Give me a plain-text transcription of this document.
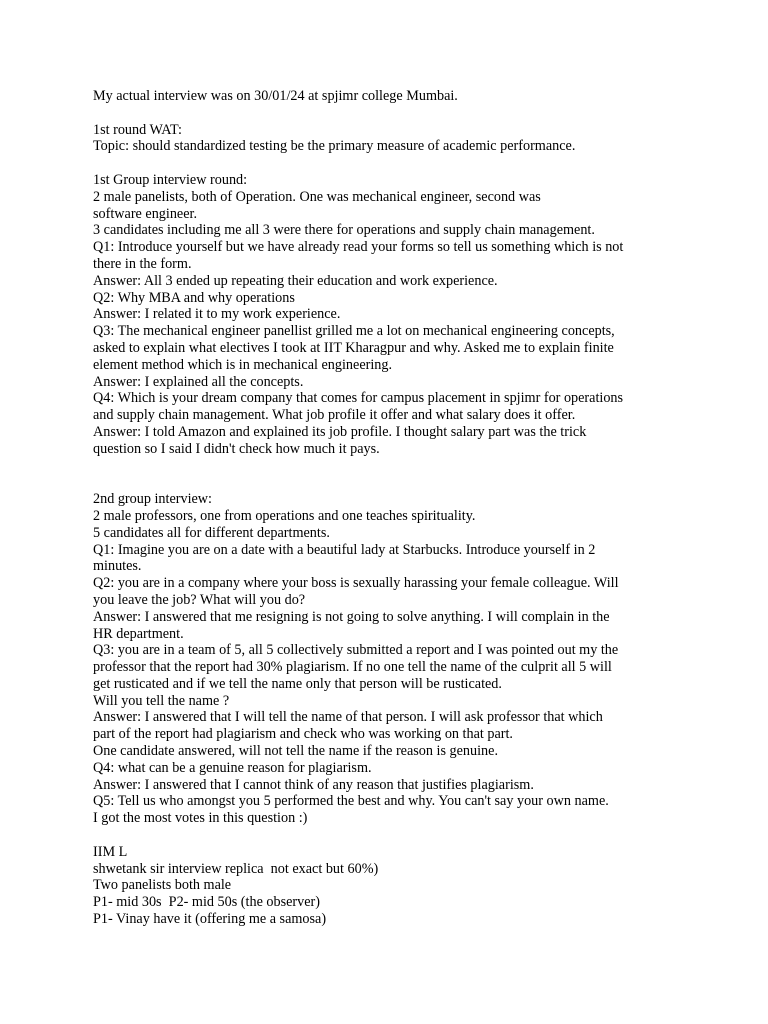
My actual interview was on 30/01/24 at spjimr college Mumbai.
1st round WAT:
Topic: should standardized testing be the primary measure of academic performance.
1st Group interview round:
2 male panelists, both of Operation. One was mechanical engineer, second was
software engineer.
3 candidates including me all 3 were there for operations and supply chain management.
Q1: Introduce yourself but we have already read your forms so tell us something which is not
there in the form.
Answer: All 3 ended up repeating their education and work experience.
Q2: Why MBA and why operations
Answer: I related it to my work experience.
Q3: The mechanical engineer panellist grilled me a lot on mechanical engineering concepts,
asked to explain what electives I took at IIT Kharagpur and why. Asked me to explain finite
element method which is in mechanical engineering.
Answer: I explained all the concepts.
Q4: Which is your dream company that comes for campus placement in spjimr for operations
and supply chain management. What job profile it offer and what salary does it offer.
Answer: I told Amazon and explained its job profile. I thought salary part was the trick
question so I said I didn't check how much it pays.
2nd group interview:
2 male professors, one from operations and one teaches spirituality.
5 candidates all for different departments.
Q1: Imagine you are on a date with a beautiful lady at Starbucks. Introduce yourself in 2
minutes.
Q2: you are in a company where your boss is sexually harassing your female colleague. Will
you leave the job? What will you do?
Answer: I answered that me resigning is not going to solve anything. I will complain in the
HR department.
Q3: you are in a team of 5, all 5 collectively submitted a report and I was pointed out my the
professor that the report had 30% plagiarism. If no one tell the name of the culprit all 5 will
get rusticated and if we tell the name only that person will be rusticated.
Will you tell the name ?
Answer: I answered that I will tell the name of that person. I will ask professor that which
part of the report had plagiarism and check who was working on that part.
One candidate answered, will not tell the name if the reason is genuine.
Q4: what can be a genuine reason for plagiarism.
Answer: I answered that I cannot think of any reason that justifies plagiarism.
Q5: Tell us who amongst you 5 performed the best and why. You can't say your own name.
I got the most votes in this question :)
IIM L
shwetank sir interview replica  not exact but 60%)
Two panelists both male
P1- mid 30s  P2- mid 50s (the observer)
P1- Vinay have it (offering me a samosa)
